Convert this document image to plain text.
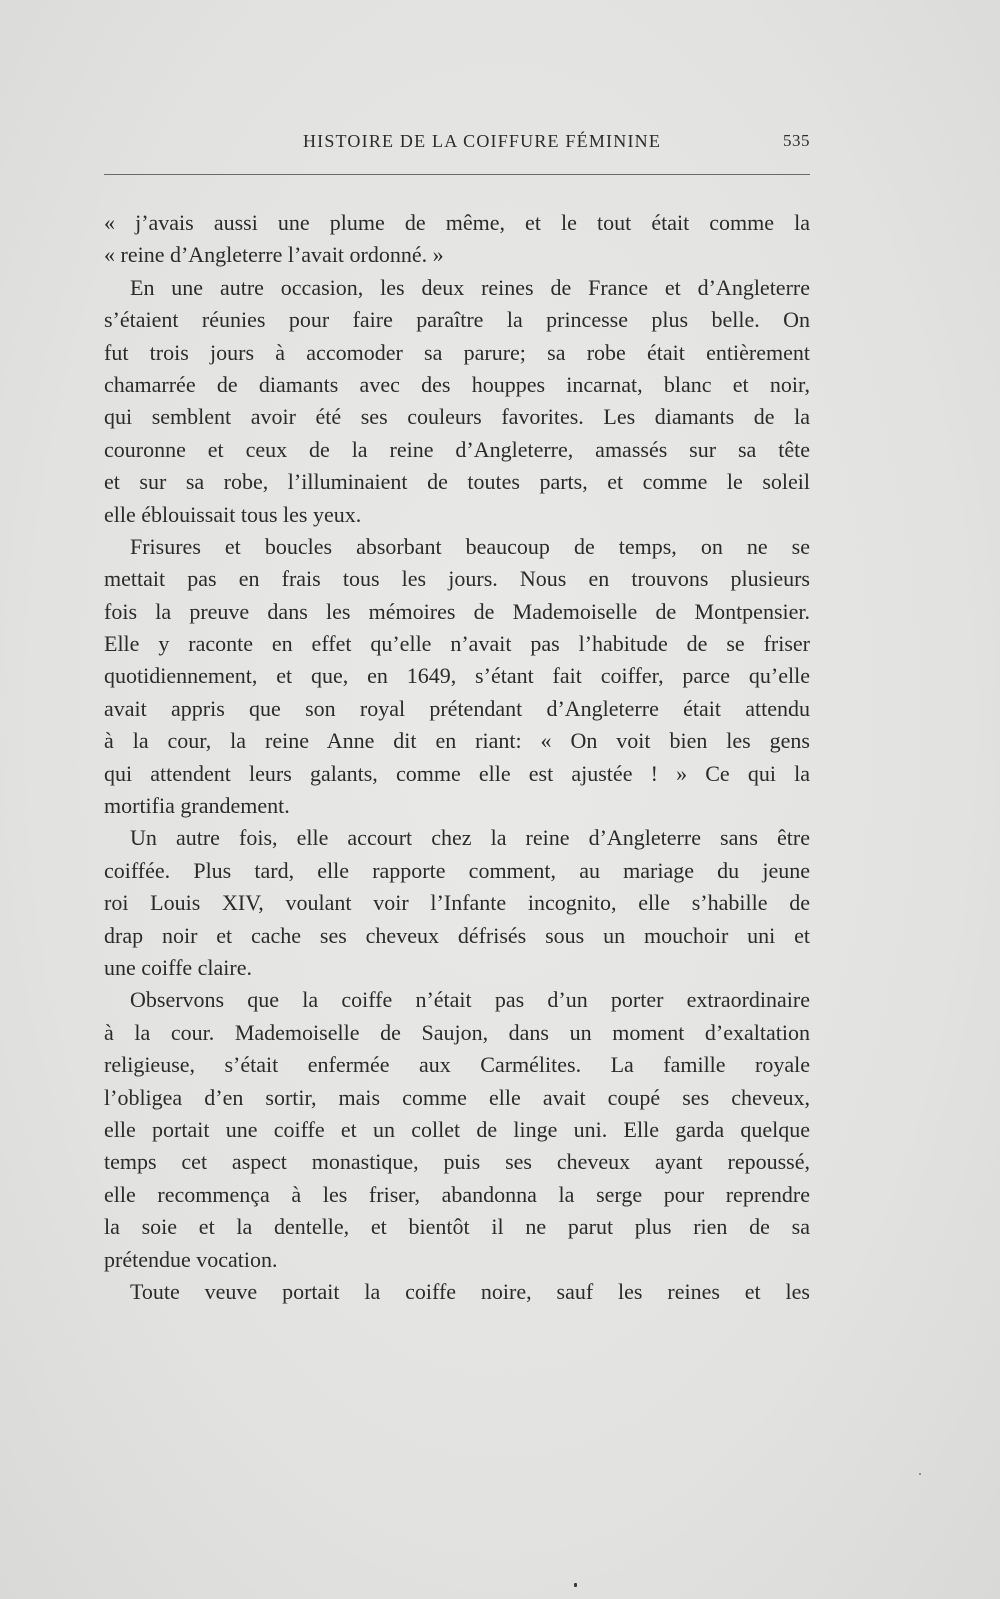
HISTOIRE DE LA COIFFURE FÉMININE	535
« j’avais aussi une plume de même, et le tout était comme la
« reine d’Angleterre l’avait ordonné. »
En une autre occasion, les deux reines de France et d’Angleterre
s’étaient réunies pour faire paraître la princesse plus belle. On
fut trois jours à accomoder sa parure; sa robe était entièrement
chamarrée de diamants avec des houppes incarnat, blanc et noir,
qui semblent avoir été ses couleurs favorites. Les diamants de la
couronne et ceux de la reine d’Angleterre, amassés sur sa tête
et sur sa robe, l’illuminaient de toutes parts, et comme le soleil
elle éblouissait tous les yeux.
Frisures et boucles absorbant beaucoup de temps, on ne se
mettait pas en frais tous les jours. Nous en trouvons plusieurs
fois la preuve dans les mémoires de Mademoiselle de Montpensier.
Elle y raconte en effet qu’elle n’avait pas l’habitude de se friser
quotidiennement, et que, en 1649, s’étant fait coiffer, parce qu’elle
avait appris que son royal prétendant d’Angleterre était attendu
à la cour, la reine Anne dit en riant: « On voit bien les gens
qui attendent leurs galants, comme elle est ajustée ! » Ce qui la
mortifia grandement.
Un autre fois, elle accourt chez la reine d’Angleterre sans être
coiffée. Plus tard, elle rapporte comment, au mariage du jeune
roi Louis XIV, voulant voir l’Infante incognito, elle s’habille de
drap noir et cache ses cheveux défrisés sous un mouchoir uni et
une coiffe claire.
Observons que la coiffe n’était pas d’un porter extraordinaire
à la cour. Mademoiselle de Saujon, dans un moment d’exaltation
religieuse, s’était enfermée aux Carmélites. La famille royale
l’obligea d’en sortir, mais comme elle avait coupé ses cheveux,
elle portait une coiffe et un collet de linge uni. Elle garda quelque
temps cet aspect monastique, puis ses cheveux ayant repoussé,
elle recommença à les friser, abandonna la serge pour reprendre
la soie et la dentelle, et bientôt il ne parut plus rien de sa
prétendue vocation.
Toute veuve portait la coiffe noire, sauf les reines et les
